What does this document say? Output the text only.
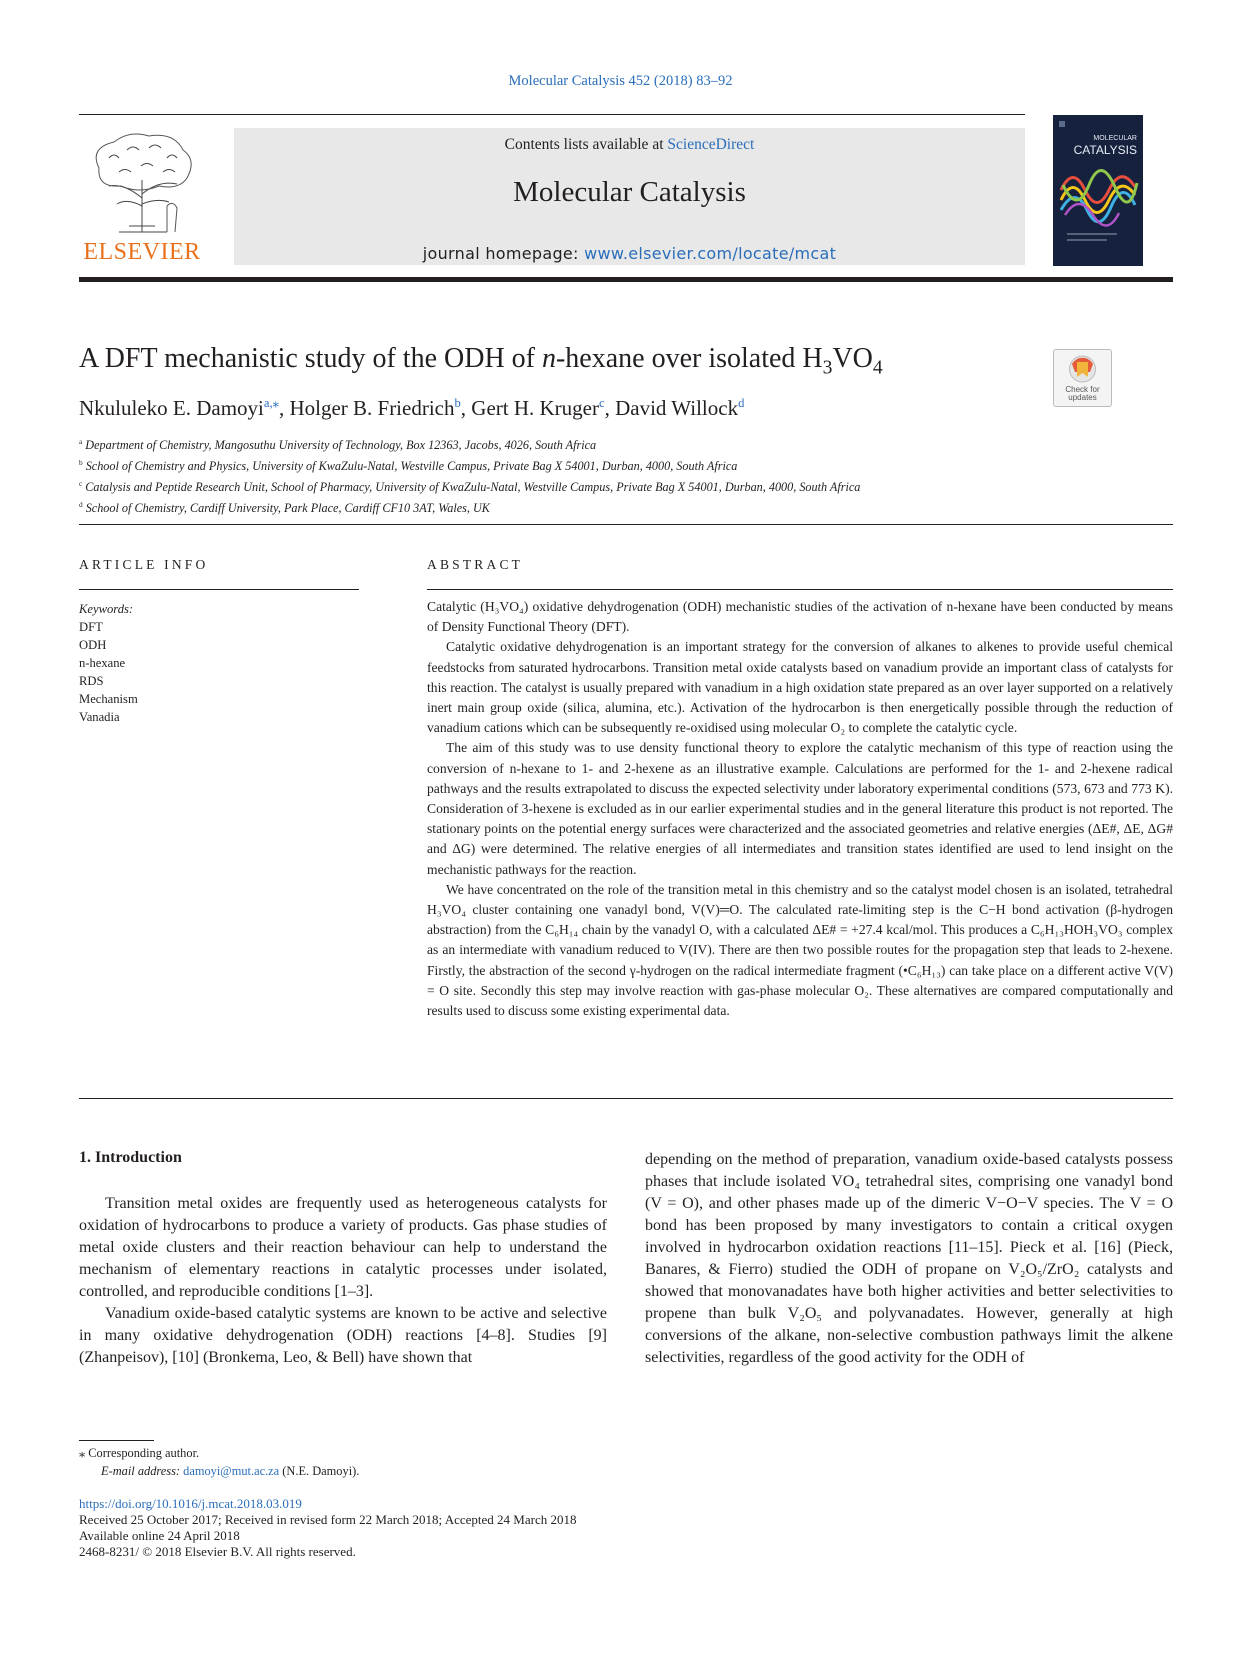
Molecular Catalysis 452 (2018) 83–92
ELSEVIER
Contents lists available at ScienceDirect
Molecular Catalysis
journal homepage: www.elsevier.com/locate/mcat
MOLECULAR
CATALYSIS
A DFT mechanistic study of the ODH of n-hexane over isolated $H_3VO_4$
Check for updates
Nkululeko E. Damoyi$^{a,⁎}$, Holger B. Friedrich$^b$, Gert H. Kruger$^c$, David Willock$^d$
$^a$ Department of Chemistry, Mangosuthu University of Technology, Box 12363, Jacobs, 4026, South Africa
$^b$ School of Chemistry and Physics, University of KwaZulu-Natal, Westville Campus, Private Bag X 54001, Durban, 4000, South Africa
$^c$ Catalysis and Peptide Research Unit, School of Pharmacy, University of KwaZulu-Natal, Westville Campus, Private Bag X 54001, Durban, 4000, South Africa
$^d$ School of Chemistry, Cardiff University, Park Place, Cardiff CF10 3AT, Wales, UK
ARTICLE INFO
Keywords:
DFT
ODH
n-hexane
RDS
Mechanism
Vanadia
ABSTRACT

Catalytic (H₃VO₄) oxidative dehydrogenation (ODH) mechanistic studies of the activation of n-hexane have been conducted by means of Density Functional Theory (DFT).

Catalytic oxidative dehydrogenation is an important strategy for the conversion of alkanes to alkenes to provide useful chemical feedstocks from saturated hydrocarbons. Transition metal oxide catalysts based on vanadium provide an important class of catalysts for this reaction. The catalyst is usually prepared with vanadium in a high oxidation state prepared as an over layer supported on a relatively inert main group oxide (silica, alumina, etc.). Activation of the hydrocarbon is then energetically possible through the reduction of vanadium cations which can be subsequently re-oxidised using molecular O₂ to complete the catalytic cycle.

The aim of this study was to use density functional theory to explore the catalytic mechanism of this type of reaction using the conversion of n-hexane to 1- and 2-hexene as an illustrative example. Calculations are performed for the 1- and 2-hexene radical pathways and the results extrapolated to discuss the expected selectivity under laboratory experimental conditions (573, 673 and 773 K). Consideration of 3-hexene is excluded as in our earlier experimental studies and in the general literature this product is not reported. The stationary points on the potential energy surfaces were characterized and the associated geometries and relative energies (ΔE#, ΔE, ΔG# and ΔG) were determined. The relative energies of all intermediates and transition states identified are used to lend insight on the mechanistic pathways for the reaction.

We have concentrated on the role of the transition metal in this chemistry and so the catalyst model chosen is an isolated, tetrahedral H₃VO₄ cluster containing one vanadyl bond, V(V)═O. The calculated rate-limiting step is the C−H bond activation (β-hydrogen abstraction) from the C₆H₁₄ chain by the vanadyl O, with a calculated ΔE# = +27.4 kcal/mol. This produces a C₆H₁₃HOH₃VO₃ complex as an intermediate with vanadium reduced to V(IV). There are then two possible routes for the propagation step that leads to 2-hexene. Firstly, the abstraction of the second γ-hydrogen on the radical intermediate fragment (•C₆H₁₃) can take place on a different active V(V) = O site. Secondly this step may involve reaction with gas-phase molecular O₂. These alternatives are compared computationally and results used to discuss some existing experimental data.

1. Introduction

Transition metal oxides are frequently used as heterogeneous catalysts for oxidation of hydrocarbons to produce a variety of products. Gas phase studies of metal oxide clusters and their reaction behaviour can help to understand the mechanism of elementary reactions in catalytic processes under isolated, controlled, and reproducible conditions [1–3].

Vanadium oxide-based catalytic systems are known to be active and selective in many oxidative dehydrogenation (ODH) reactions [4–8]. Studies [9] (Zhanpeisov), [10] (Bronkema, Leo, & Bell) have shown that

depending on the method of preparation, vanadium oxide-based catalysts possess phases that include isolated VO₄ tetrahedral sites, comprising one vanadyl bond (V = O), and other phases made up of the dimeric V−O−V species. The V = O bond has been proposed by many investigators to contain a critical oxygen involved in hydrocarbon oxidation reactions [11–15]. Pieck et al. [16] (Pieck, Banares, & Fierro) studied the ODH of propane on V₂O₅/ZrO₂ catalysts and showed that monovanadates have both higher activities and better selectivities to propene than bulk V₂O₅ and polyvanadates. However, generally at high conversions of the alkane, non-selective combustion pathways limit the alkene selectivities, regardless of the good activity for the ODH of

⁎ Corresponding author.
E-mail address: damoyi@mut.ac.za (N.E. Damoyi).
https://doi.org/10.1016/j.mcat.2018.03.019
Received 25 October 2017; Received in revised form 22 March 2018; Accepted 24 March 2018
Available online 24 April 2018
2468-8231/ © 2018 Elsevier B.V. All rights reserved.
